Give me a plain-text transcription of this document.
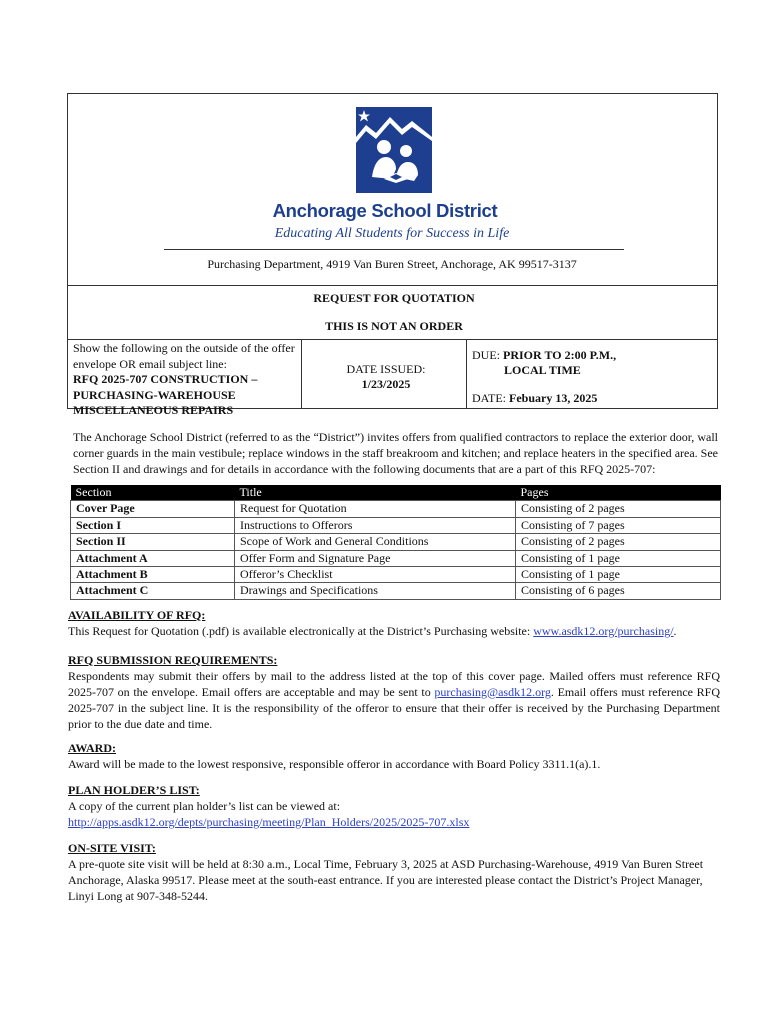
Anchorage School District
Educating All Students for Success in Life
Purchasing Department, 4919 Van Buren Street, Anchorage, AK 99517-3137
REQUEST FOR QUOTATION
THIS IS NOT AN ORDER
Show the following on the outside of the offer envelope OR email subject line:
RFQ 2025-707 CONSTRUCTION –
PURCHASING-WAREHOUSE
MISCELLANEOUS REPAIRS
DATE ISSUED:
1/23/2025
DUE: PRIOR TO 2:00 P.M.,
LOCAL TIME
DATE: Febuary 13, 2025
The Anchorage School District (referred to as the “District”) invites offers from qualified contractors to replace the exterior door, wall corner guards in the main vestibule; replace windows in the staff breakroom and kitchen; and replace heaters in the specified area. See Section II and drawings and for details in accordance with the following documents that are a part of this RFQ 2025-707:
Section	Title	Pages
Cover Page	Request for Quotation	Consisting of 2 pages
Section I	Instructions to Offerors	Consisting of 7 pages
Section II	Scope of Work and General Conditions	Consisting of 2 pages
Attachment A	Offer Form and Signature Page	Consisting of 1 page
Attachment B	Offeror’s Checklist	Consisting of 1 page
Attachment C	Drawings and Specifications	Consisting of 6 pages
AVAILABILITY OF RFQ:
This Request for Quotation (.pdf) is available electronically at the District’s Purchasing website: www.asdk12.org/purchasing/.
RFQ SUBMISSION REQUIREMENTS:
Respondents may submit their offers by mail to the address listed at the top of this cover page. Mailed offers must reference RFQ 2025-707 on the envelope. Email offers are acceptable and may be sent to purchasing@asdk12.org. Email offers must reference RFQ 2025-707 in the subject line. It is the responsibility of the offeror to ensure that their offer is received by the Purchasing Department prior to the due date and time.
AWARD:
Award will be made to the lowest responsive, responsible offeror in accordance with Board Policy 3311.1(a).1.
PLAN HOLDER’S LIST:
A copy of the current plan holder’s list can be viewed at:
http://apps.asdk12.org/depts/purchasing/meeting/Plan_Holders/2025/2025-707.xlsx
ON-SITE VISIT:
A pre-quote site visit will be held at 8:30 a.m., Local Time, February 3, 2025 at ASD Purchasing-Warehouse, 4919 Van Buren Street Anchorage, Alaska 99517. Please meet at the south-east entrance. If you are interested please contact the District’s Project Manager, Linyi Long at 907-348-5244.
